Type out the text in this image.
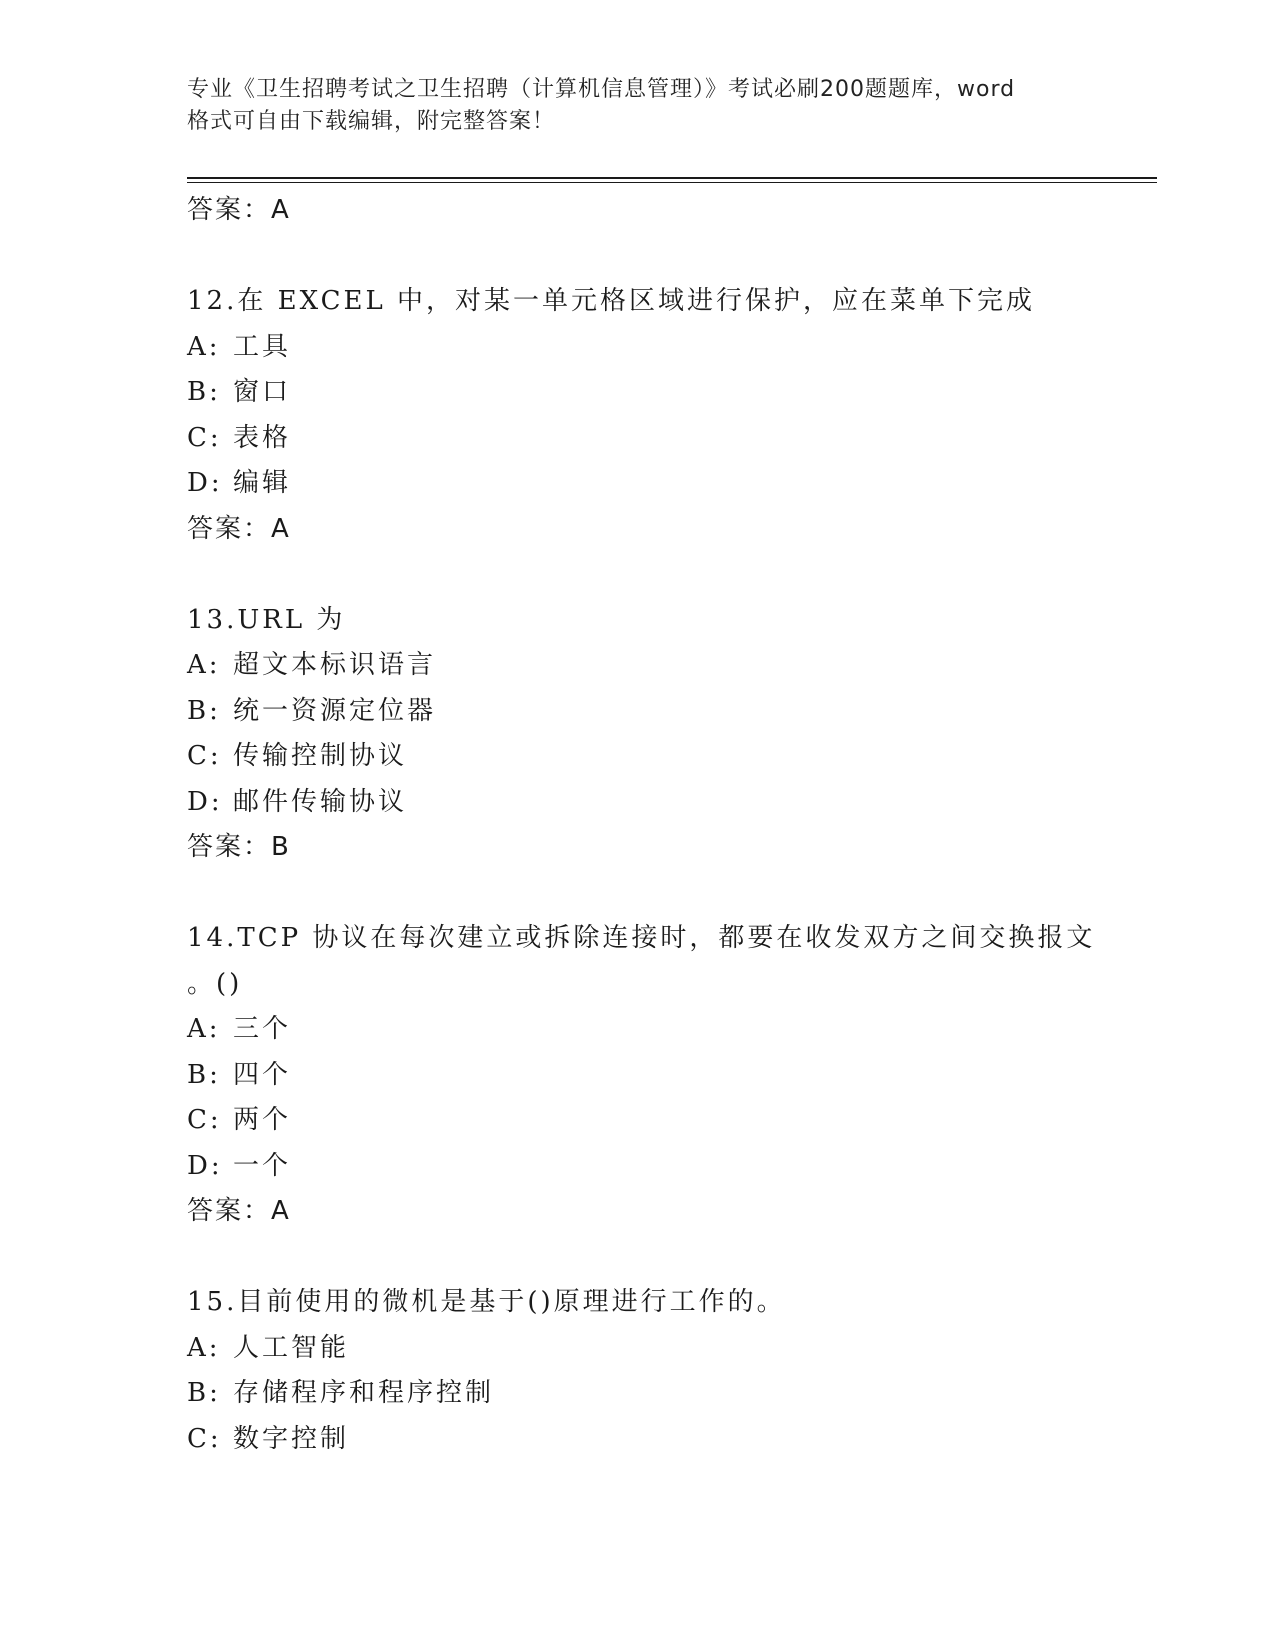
专业《卫生招聘考试之卫生招聘（计算机信息管理）》考试必刷200题题库，word
格式可自由下载编辑，附完整答案！
答案：A
12.在 EXCEL 中，对某一单元格区域进行保护，应在菜单下完成
A: 工具
B: 窗口
C: 表格
D: 编辑
答案：A
13.URL 为
A: 超文本标识语言
B: 统一资源定位器
C: 传输控制协议
D: 邮件传输协议
答案：B
14.TCP 协议在每次建立或拆除连接时，都要在收发双方之间交换报文
。()
A: 三个
B: 四个
C: 两个
D: 一个
答案：A
15.目前使用的微机是基于()原理进行工作的。
A: 人工智能
B: 存储程序和程序控制
C: 数字控制
